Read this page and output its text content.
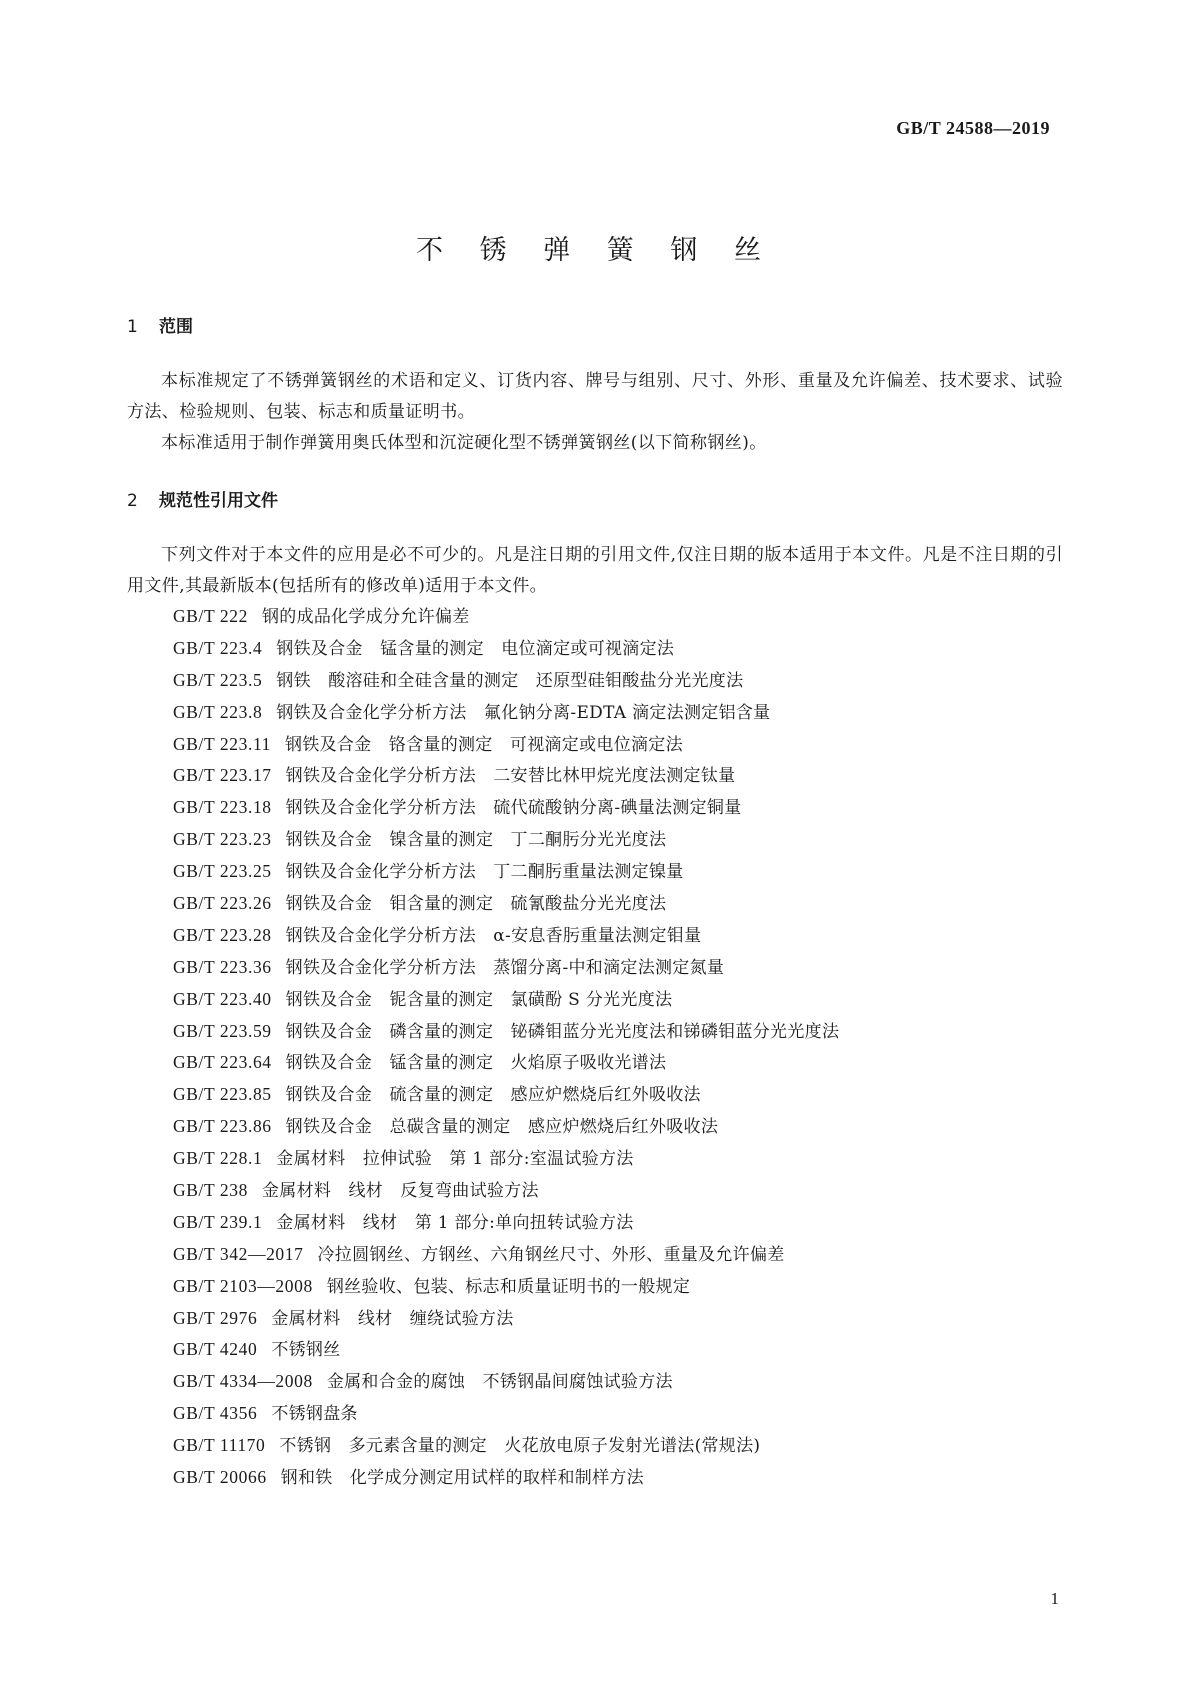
GB/T 24588—2019
不 锈 弹 簧 钢 丝
1 范围
本标准规定了不锈弹簧钢丝的术语和定义、订货内容、牌号与组别、尺寸、外形、重量及允许偏差、技术要求、试验方法、检验规则、包装、标志和质量证明书。
本标准适用于制作弹簧用奥氏体型和沉淀硬化型不锈弹簧钢丝(以下简称钢丝)。
2 规范性引用文件
下列文件对于本文件的应用是必不可少的。凡是注日期的引用文件,仅注日期的版本适用于本文件。凡是不注日期的引用文件,其最新版本(包括所有的修改单)适用于本文件。
GB/T 222 钢的成品化学成分允许偏差
GB/T 223.4 钢铁及合金　锰含量的测定　电位滴定或可视滴定法
GB/T 223.5 钢铁　酸溶硅和全硅含量的测定　还原型硅钼酸盐分光光度法
GB/T 223.8 钢铁及合金化学分析方法　氟化钠分离-EDTA 滴定法测定铝含量
GB/T 223.11 钢铁及合金　铬含量的测定　可视滴定或电位滴定法
GB/T 223.17 钢铁及合金化学分析方法　二安替比林甲烷光度法测定钛量
GB/T 223.18 钢铁及合金化学分析方法　硫代硫酸钠分离-碘量法测定铜量
GB/T 223.23 钢铁及合金　镍含量的测定　丁二酮肟分光光度法
GB/T 223.25 钢铁及合金化学分析方法　丁二酮肟重量法测定镍量
GB/T 223.26 钢铁及合金　钼含量的测定　硫氰酸盐分光光度法
GB/T 223.28 钢铁及合金化学分析方法　α-安息香肟重量法测定钼量
GB/T 223.36 钢铁及合金化学分析方法　蒸馏分离-中和滴定法测定氮量
GB/T 223.40 钢铁及合金　铌含量的测定　氯磺酚 S 分光光度法
GB/T 223.59 钢铁及合金　磷含量的测定　铋磷钼蓝分光光度法和锑磷钼蓝分光光度法
GB/T 223.64 钢铁及合金　锰含量的测定　火焰原子吸收光谱法
GB/T 223.85 钢铁及合金　硫含量的测定　感应炉燃烧后红外吸收法
GB/T 223.86 钢铁及合金　总碳含量的测定　感应炉燃烧后红外吸收法
GB/T 228.1 金属材料　拉伸试验　第 1 部分:室温试验方法
GB/T 238 金属材料　线材　反复弯曲试验方法
GB/T 239.1 金属材料　线材　第 1 部分:单向扭转试验方法
GB/T 342—2017 冷拉圆钢丝、方钢丝、六角钢丝尺寸、外形、重量及允许偏差
GB/T 2103—2008 钢丝验收、包装、标志和质量证明书的一般规定
GB/T 2976 金属材料　线材　缠绕试验方法
GB/T 4240 不锈钢丝
GB/T 4334—2008 金属和合金的腐蚀　不锈钢晶间腐蚀试验方法
GB/T 4356 不锈钢盘条
GB/T 11170 不锈钢　多元素含量的测定　火花放电原子发射光谱法(常规法)
GB/T 20066 钢和铁　化学成分测定用试样的取样和制样方法
1
